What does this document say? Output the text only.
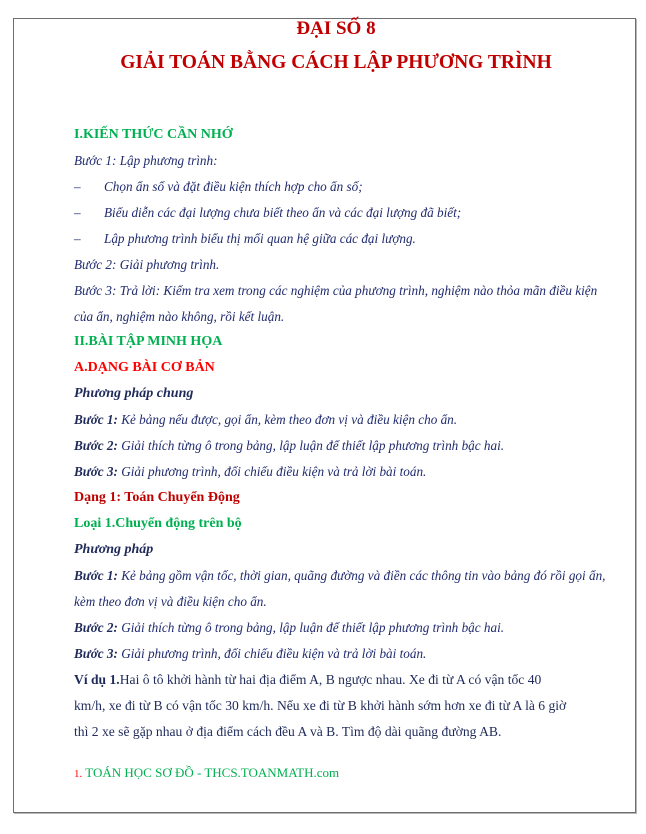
ĐẠI SỐ 8
GIẢI TOÁN BẰNG CÁCH LẬP PHƯƠNG TRÌNH
I.KIẾN THỨC CẦN NHỚ
Bước 1: Lập phương trình:
– Chọn ẩn số và đặt điều kiện thích hợp cho ẩn số;
– Biểu diễn các đại lượng chưa biết theo ẩn và các đại lượng đã biết;
– Lập phương trình biểu thị mối quan hệ giữa các đại lượng.
Bước 2: Giải phương trình.
Bước 3: Trả lời: Kiểm tra xem trong các nghiệm của phương trình, nghiệm nào thỏa mãn điều kiện
của ẩn, nghiệm nào không, rồi kết luận.
II.BÀI TẬP MINH HỌA
A.DẠNG BÀI CƠ BẢN
Phương pháp chung
Bước 1: Kẻ bảng nếu được, gọi ẩn, kèm theo đơn vị và điều kiện cho ẩn.
Bước 2: Giải thích từng ô trong bảng, lập luận để thiết lập phương trình bậc hai.
Bước 3: Giải phương trình, đối chiếu điều kiện và trả lời bài toán.
Dạng 1: Toán Chuyển Động
Loại 1.Chuyển động trên bộ
Phương pháp
Bước 1: Kẻ bảng gồm vận tốc, thời gian, quãng đường và điền các thông tin vào bảng đó rồi gọi ẩn,
kèm theo đơn vị và điều kiện cho ẩn.
Bước 2: Giải thích từng ô trong bảng, lập luận để thiết lập phương trình bậc hai.
Bước 3: Giải phương trình, đối chiếu điều kiện và trả lời bài toán.
Ví dụ 1.Hai ô tô khởi hành từ hai địa điểm A, B ngược nhau. Xe đi từ A có vận tốc 40
km/h, xe đi từ B có vận tốc 30 km/h. Nếu xe đi từ B khởi hành sớm hơn xe đi từ A là 6 giờ
thì 2 xe sẽ gặp nhau ở địa điểm cách đều A và B. Tìm độ dài quãng đường AB.
1. TOÁN HỌC SƠ ĐỒ - THCS.TOANMATH.com
